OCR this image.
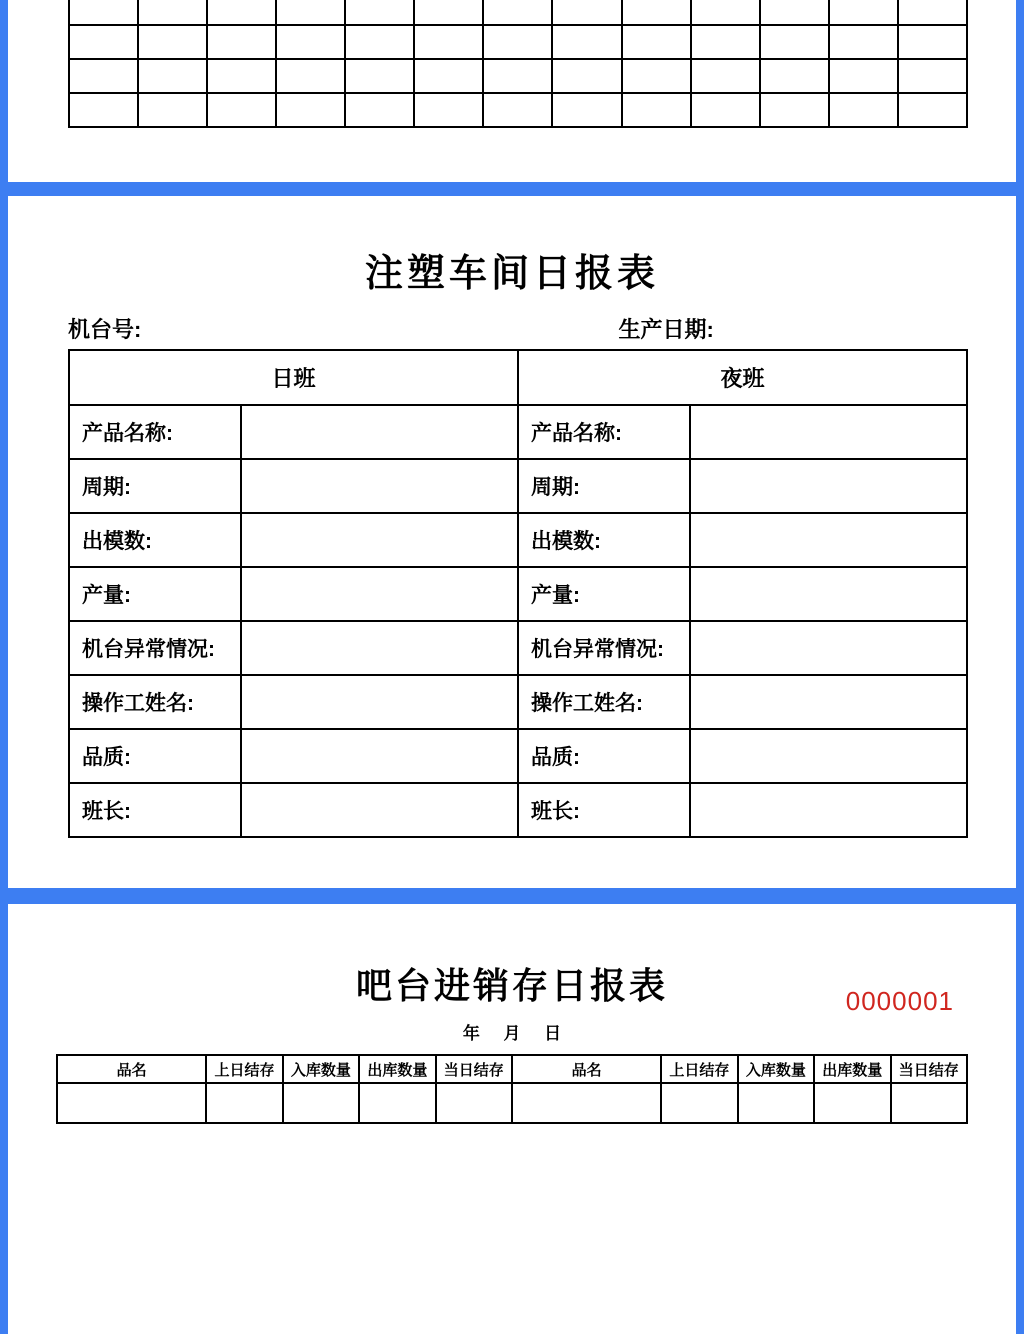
注塑车间日报表
机台号:	生产日期:
日班		夜班	
产品名称:		产品名称:	
周期:		周期:	
出模数:		出模数:	
产量:		产量:	
机台异常情况:		机台异常情况:	
操作工姓名:		操作工姓名:	
品质:		品质:	
班长:		班长:	
吧台进销存日报表	0000001
年     月     日
品名	上日结存	入库数量	出库数量	当日结存	品名	上日结存	入库数量	出库数量	当日结存
